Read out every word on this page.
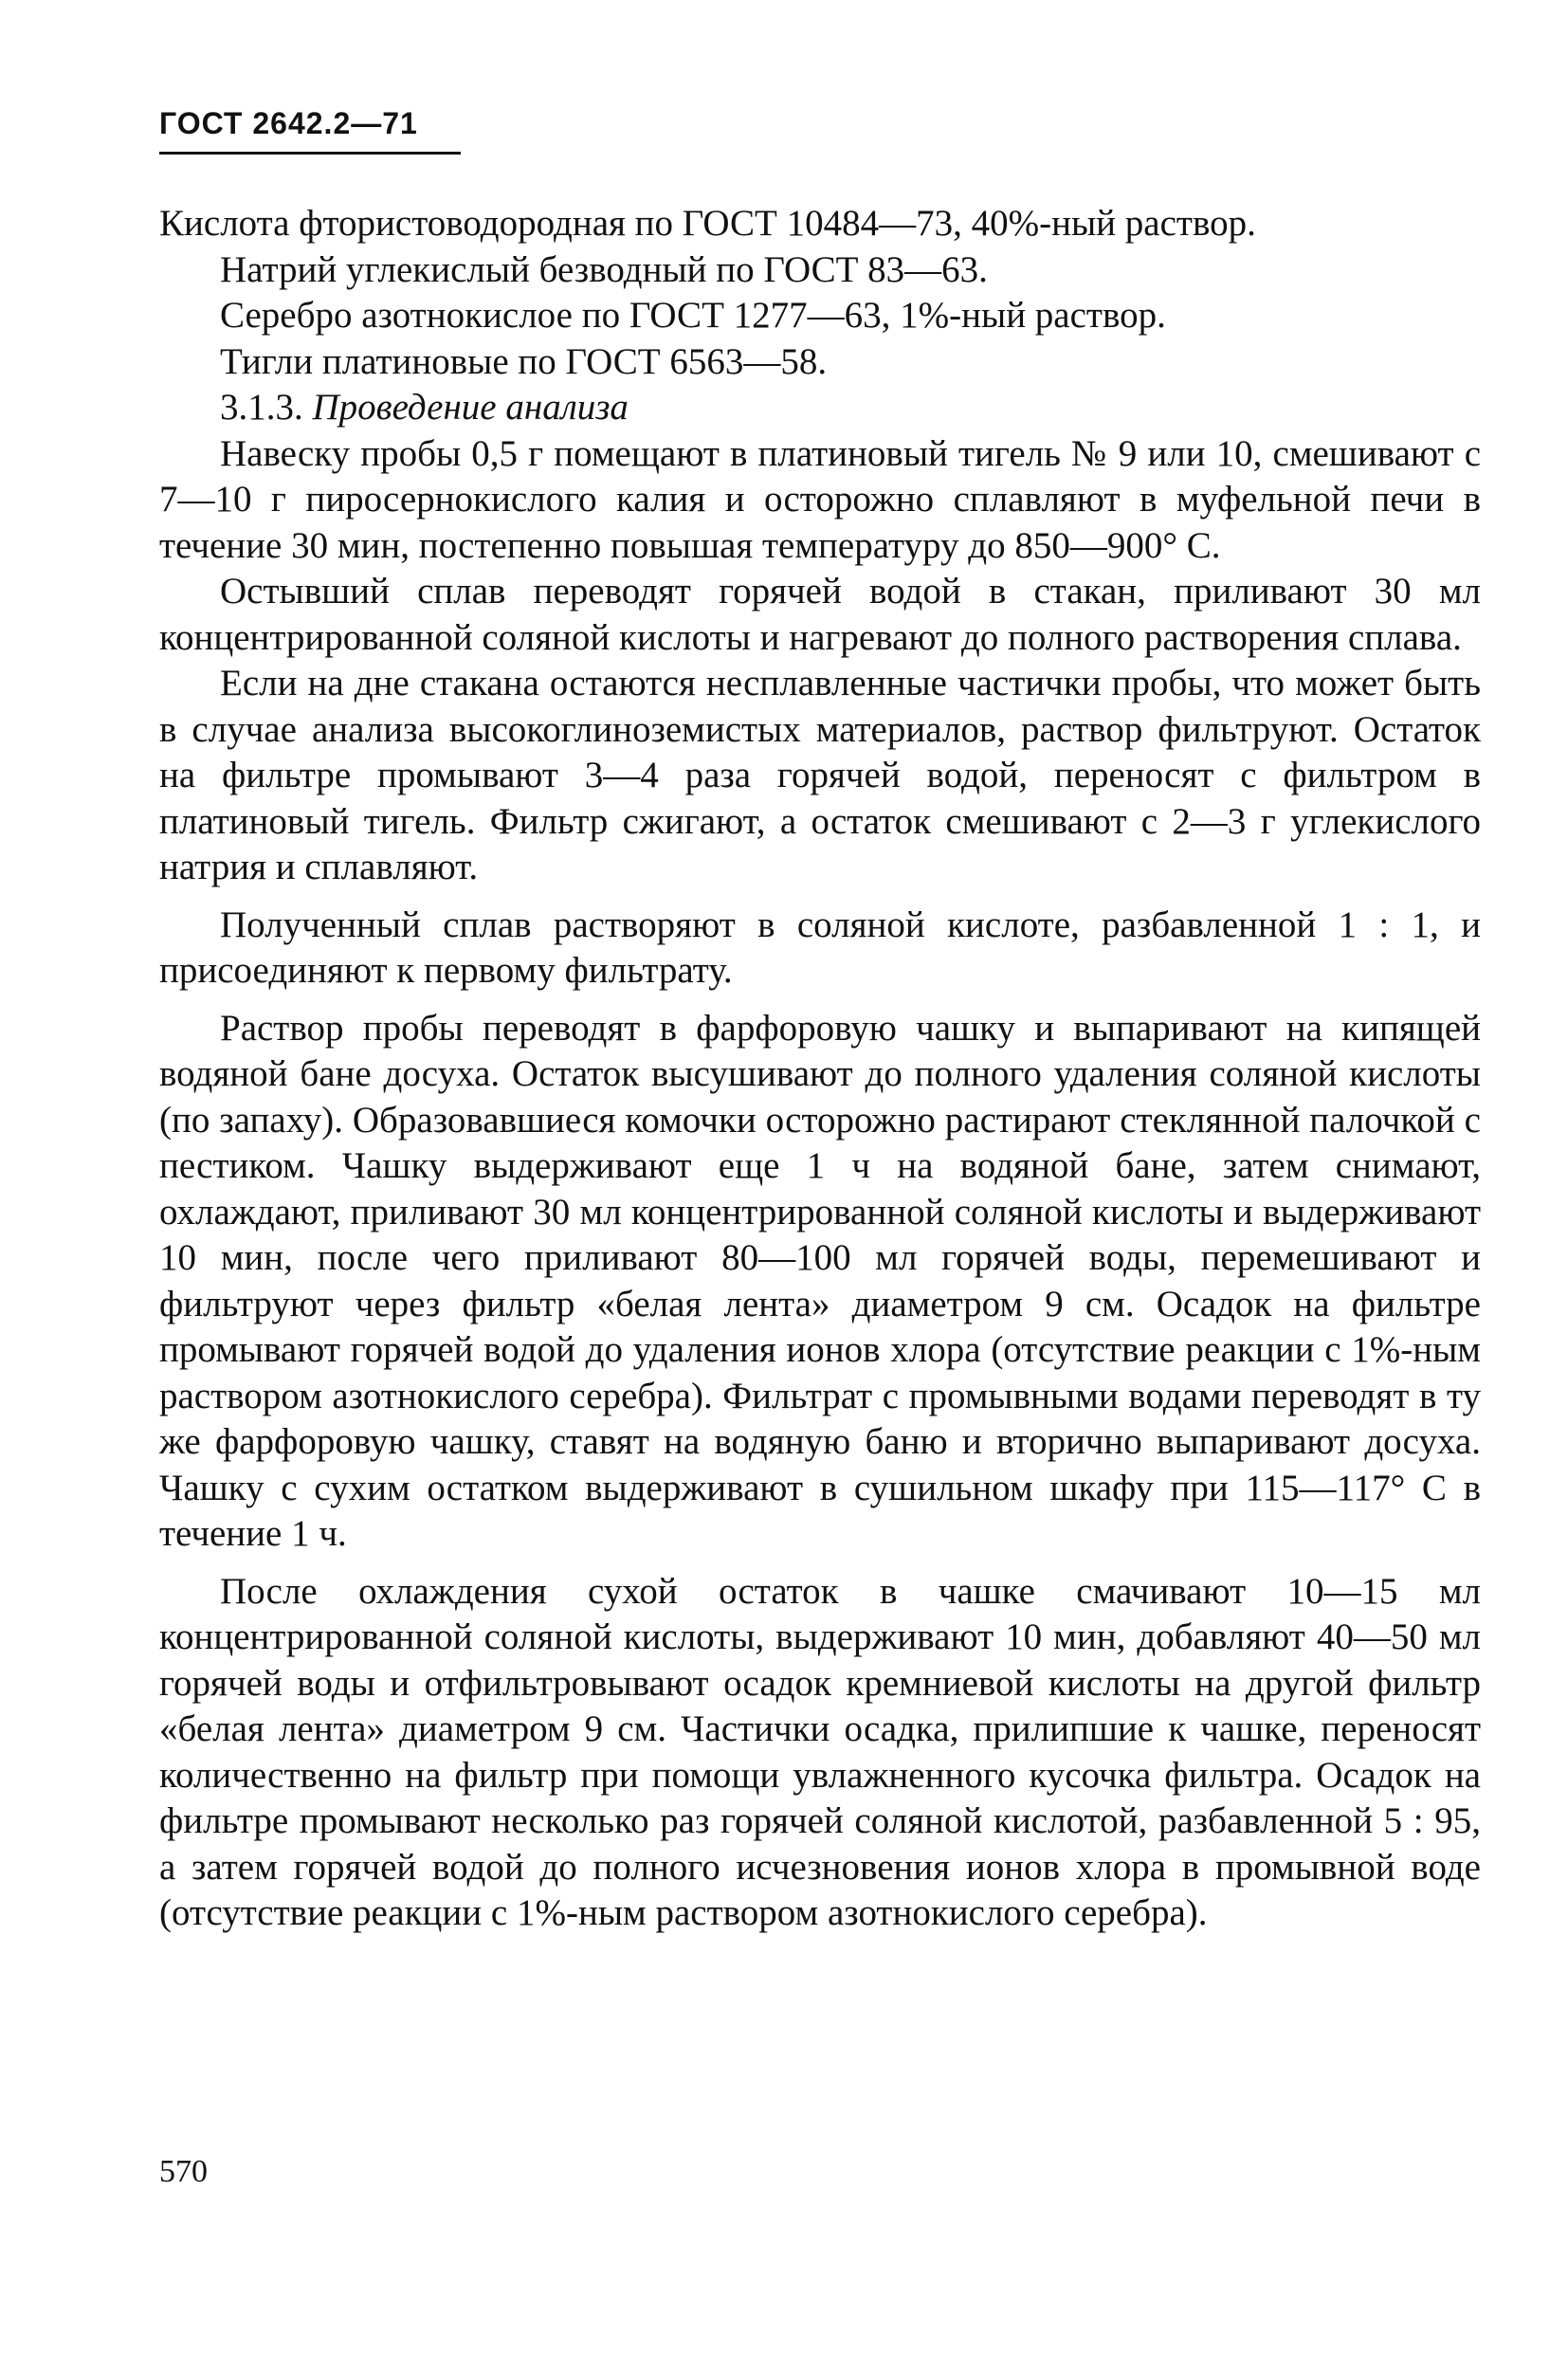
ГОСТ 2642.2—71

Кислота фтористоводородная по ГОСТ 10484—73, 40%-ный раствор.

Натрий углекислый безводный по ГОСТ 83—63.

Серебро азотнокислое по ГОСТ 1277—63, 1%-ный раствор.

Тигли платиновые по ГОСТ 6563—58.

3.1.3. Проведение анализа

Навеску пробы 0,5 г помещают в платиновый тигель № 9 или 10, смешивают с 7—10 г пиросернокислого калия и осторожно сплавляют в муфельной печи в течение 30 мин, постепенно повышая температуру до 850—900° С.

Остывший сплав переводят горячей водой в стакан, приливают 30 мл концентрированной соляной кислоты и нагревают до полного растворения сплава.

Если на дне стакана остаются несплавленные частички пробы, что может быть в случае анализа высокоглиноземистых материалов, раствор фильтруют. Остаток на фильтре промывают 3—4 раза горячей водой, переносят с фильтром в платиновый тигель. Фильтр сжигают, а остаток смешивают с 2—3 г углекислого натрия и сплавляют.

Полученный сплав растворяют в соляной кислоте, разбавленной 1 : 1, и присоединяют к первому фильтрату.

Раствор пробы переводят в фарфоровую чашку и выпаривают на кипящей водяной бане досуха. Остаток высушивают до полного удаления соляной кислоты (по запаху). Образовавшиеся комочки осторожно растирают стеклянной палочкой с пестиком. Чашку выдерживают еще 1 ч на водяной бане, затем снимают, охлаждают, приливают 30 мл концентрированной соляной кислоты и выдерживают 10 мин, после чего приливают 80—100 мл горячей воды, перемешивают и фильтруют через фильтр «белая лента» диаметром 9 см. Осадок на фильтре промывают горячей водой до удаления ионов хлора (отсутствие реакции с 1%-ным раствором азотнокислого серебра). Фильтрат с промывными водами переводят в ту же фарфоровую чашку, ставят на водяную баню и вторично выпаривают досуха. Чашку с сухим остатком выдерживают в сушильном шкафу при 115—117° С в течение 1 ч.

После охлаждения сухой остаток в чашке смачивают 10—15 мл концентрированной соляной кислоты, выдерживают 10 мин, добавляют 40—50 мл горячей воды и отфильтровывают осадок кремниевой кислоты на другой фильтр «белая лента» диаметром 9 см. Частички осадка, прилипшие к чашке, переносят количественно на фильтр при помощи увлажненного кусочка фильтра. Осадок на фильтре промывают несколько раз горячей соляной кислотой, разбавленной 5 : 95, а затем горячей водой до полного исчезновения ионов хлора в промывной воде (отсутствие реакции с 1%-ным раствором азотнокислого серебра).

570
